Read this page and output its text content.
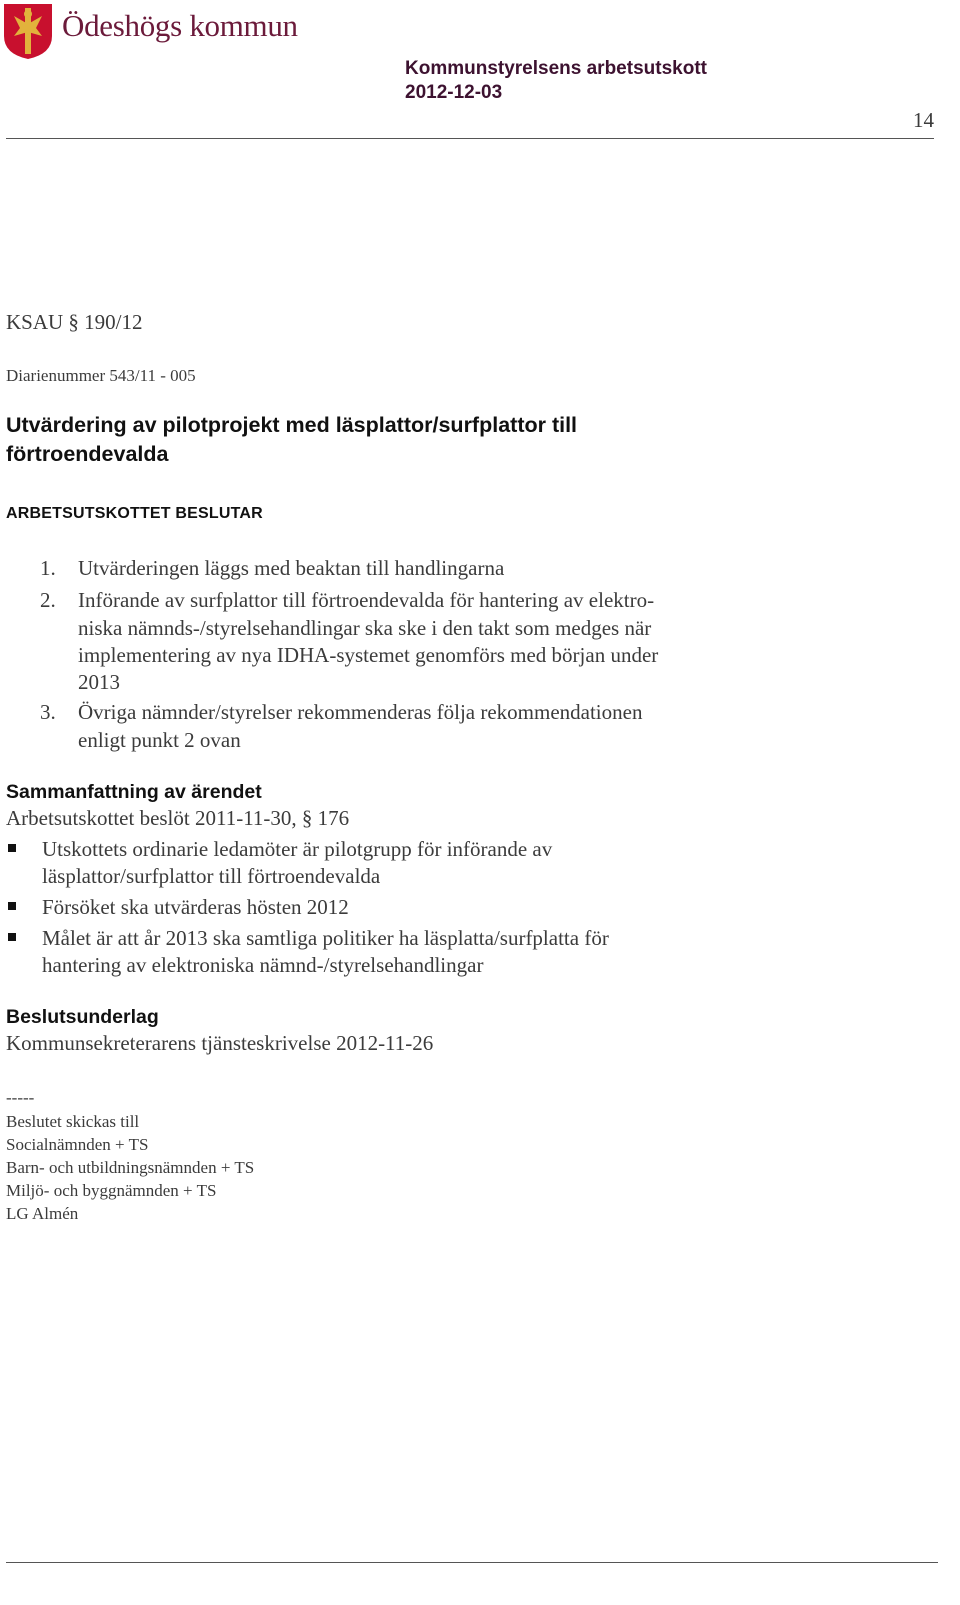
Ödeshögs kommun
Kommunstyrelsens arbetsutskott
2012-12-03
14
KSAU § 190/12
Diarienummer 543/11 - 005
Utvärdering av pilotprojekt med läsplattor/surfplattor till
förtroendevalda
ARBETSUTSKOTTET BESLUTAR
1. Utvärderingen läggs med beaktan till handlingarna
2. Införande av surfplattor till förtroendevalda för hantering av elektro-
niska nämnds-/styrelsehandlingar ska ske i den takt som medges när
implementering av nya IDHA-systemet genomförs med början under
2013
3. Övriga nämnder/styrelser rekommenderas följa rekommendationen
enligt punkt 2 ovan
Sammanfattning av ärendet
Arbetsutskottet beslöt 2011-11-30, § 176
Utskottets ordinarie ledamöter är pilotgrupp för införande av
läsplattor/surfplattor till förtroendevalda
Försöket ska utvärderas hösten 2012
Målet är att år 2013 ska samtliga politiker ha läsplatta/surfplatta för
hantering av elektroniska nämnd-/styrelsehandlingar
Beslutsunderlag
Kommunsekreterarens tjänsteskrivelse 2012-11-26
-----
Beslutet skickas till
Socialnämnden + TS
Barn- och utbildningsnämnden + TS
Miljö- och byggnämnden + TS
LG Almén
